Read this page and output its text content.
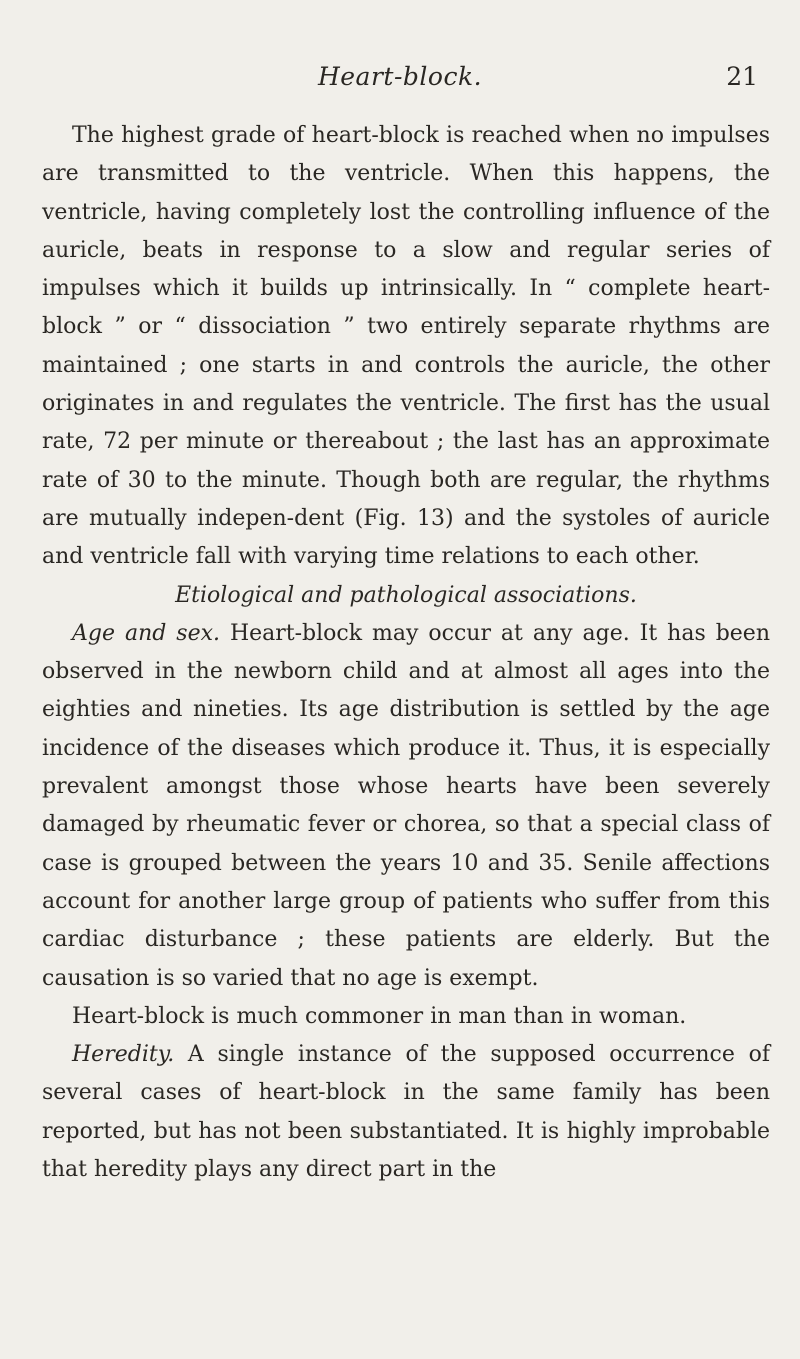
Heart-block.	21

The highest grade of heart-block is reached when no impulses are transmitted to the ventricle. When this happens, the ventricle, having completely lost the controlling influence of the auricle, beats in response to a slow and regular series of impulses which it builds up intrinsically. In “ complete heart-block ” or “ dissociation ” two entirely separate rhythms are maintained ; one starts in and controls the auricle, the other originates in and regulates the ventricle. The first has the usual rate, 72 per minute or thereabout ; the last has an approximate rate of 30 to the minute. Though both are regular, the rhythms are mutually indepen-dent (Fig. 13) and the systoles of auricle and ventricle fall with varying time relations to each other.

Etiological and pathological associations.

Age and sex. Heart-block may occur at any age. It has been observed in the newborn child and at almost all ages into the eighties and nineties. Its age distribution is settled by the age incidence of the diseases which produce it. Thus, it is especially prevalent amongst those whose hearts have been severely damaged by rheumatic fever or chorea, so that a special class of case is grouped between the years 10 and 35. Senile affections account for another large group of patients who suffer from this cardiac disturbance ; these patients are elderly. But the causation is so varied that no age is exempt.

Heart-block is much commoner in man than in woman.

Heredity. A single instance of the supposed occurrence of several cases of heart-block in the same family has been reported, but has not been substantiated. It is highly improbable that heredity plays any direct part in the
